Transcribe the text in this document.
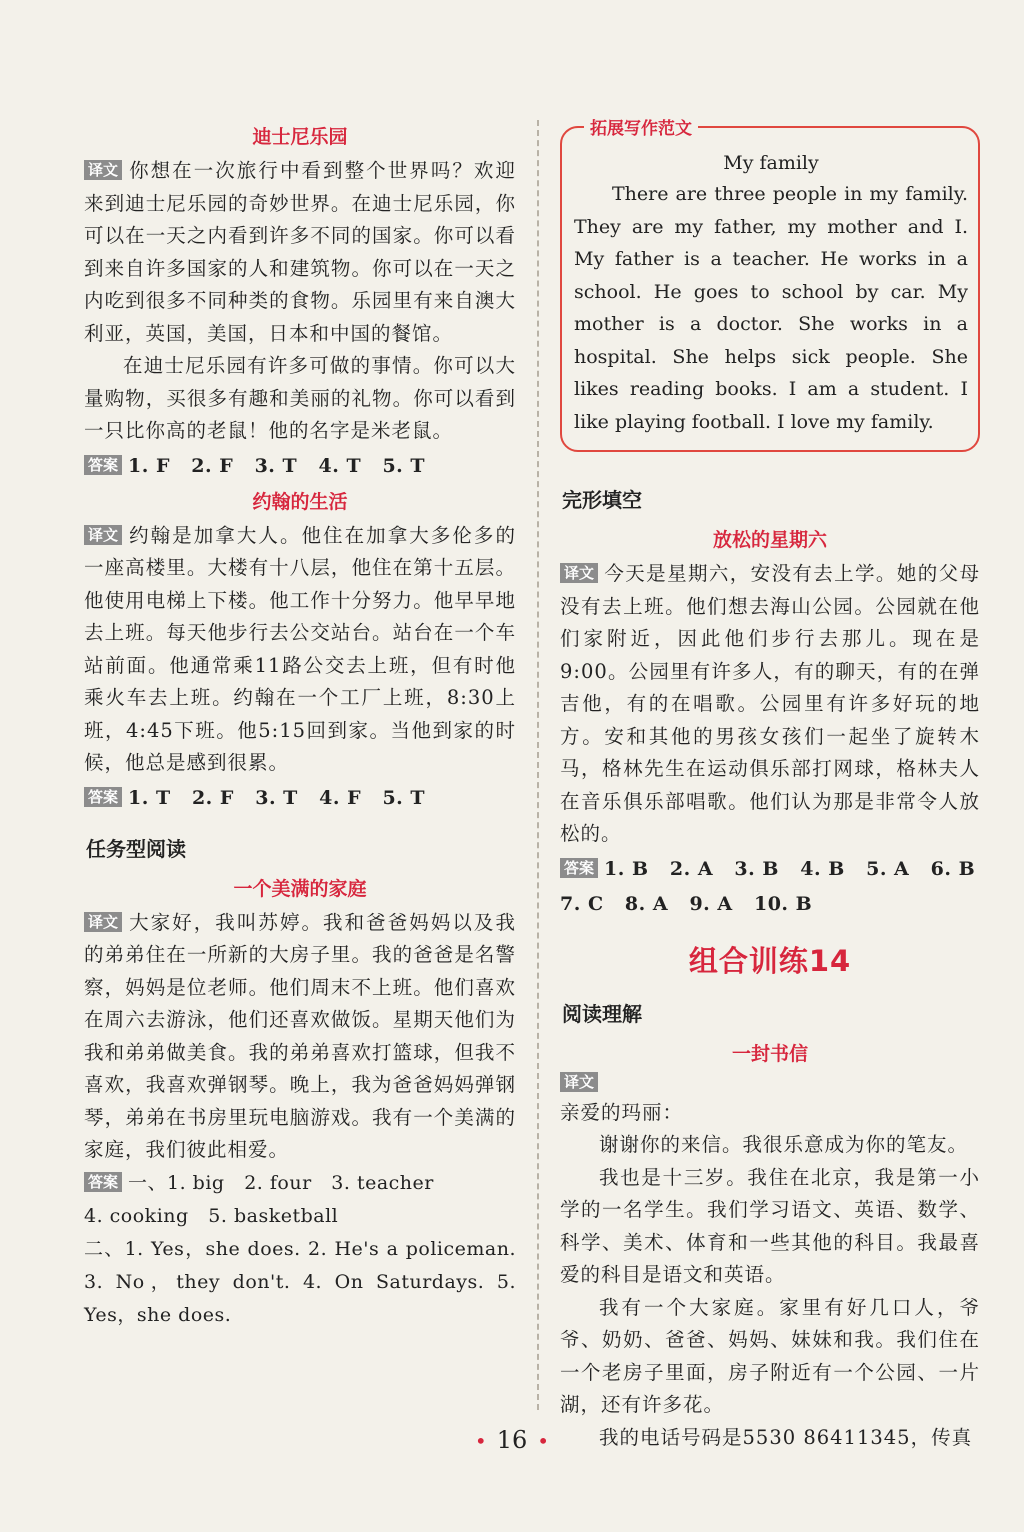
迪士尼乐园

译文 你想在一次旅行中看到整个世界吗？欢迎来到迪士尼乐园的奇妙世界。在迪士尼乐园，你可以在一天之内看到许多不同的国家。你可以看到来自许多国家的人和建筑物。你可以在一天之内吃到很多不同种类的食物。乐园里有来自澳大利亚，英国，美国，日本和中国的餐馆。

在迪士尼乐园有许多可做的事情。你可以大量购物，买很多有趣和美丽的礼物。你可以看到一只比你高的老鼠！他的名字是米老鼠。

答案 1. F   2. F   3. T   4. T   5. T
约翰的生活

译文 约翰是加拿大人。他住在加拿大多伦多的一座高楼里。大楼有十八层，他住在第十五层。他使用电梯上下楼。他工作十分努力。他早早地去上班。每天他步行去公交站台。站台在一个车站前面。他通常乘11路公交去上班，但有时他乘火车去上班。约翰在一个工厂上班，8:30上班，4:45下班。他5:15回到家。当他到家的时候，他总是感到很累。

答案 1. T   2. F   3. T   4. F   5. T
任务型阅读
一个美满的家庭

译文 大家好，我叫苏婷。我和爸爸妈妈以及我的弟弟住在一所新的大房子里。我的爸爸是名警察，妈妈是位老师。他们周末不上班。他们喜欢在周六去游泳，他们还喜欢做饭。星期天他们为我和弟弟做美食。我的弟弟喜欢打篮球，但我不喜欢，我喜欢弹钢琴。晚上，我为爸爸妈妈弹钢琴，弟弟在书房里玩电脑游戏。我有一个美满的家庭，我们彼此相爱。

答案 一、1. big   2. four   3. teacher

4. cooking   5. basketball

二、1. Yes，she does. 2. He's a policeman. 3. No，they don't. 4. On Saturdays. 5. Yes，she does.

拓展写作范文

My family

There are three people in my family. They are my father, my mother and I. My father is a teacher. He works in a school. He goes to school by car. My mother is a doctor. She works in a hospital. She helps sick people. She likes reading books. I am a student. I like playing football. I love my family.

完形填空
放松的星期六

译文 今天是星期六，安没有去上学。她的父母没有去上班。他们想去海山公园。公园就在他们家附近，因此他们步行去那儿。现在是9:00。公园里有许多人，有的聊天，有的在弹吉他，有的在唱歌。公园里有许多好玩的地方。安和其他的男孩女孩们一起坐了旋转木马，格林先生在运动俱乐部打网球，格林夫人在音乐俱乐部唱歌。他们认为那是非常令人放松的。

答案 1. B   2. A   3. B   4. B   5. A   6. B
7. C   8. A   9. A   10. B
组合训练14
阅读理解
一封书信
译文

亲爱的玛丽：

谢谢你的来信。我很乐意成为你的笔友。

我也是十三岁。我住在北京，我是第一小学的一名学生。我们学习语文、英语、数学、科学、美术、体育和一些其他的科目。我最喜爱的科目是语文和英语。

我有一个大家庭。家里有好几口人，爷爷、奶奶、爸爸、妈妈、妹妹和我。我们住在一个老房子里面，房子附近有一个公园、一片湖，还有许多花。

我的电话号码是5530 86411345，传真

• 16 •
